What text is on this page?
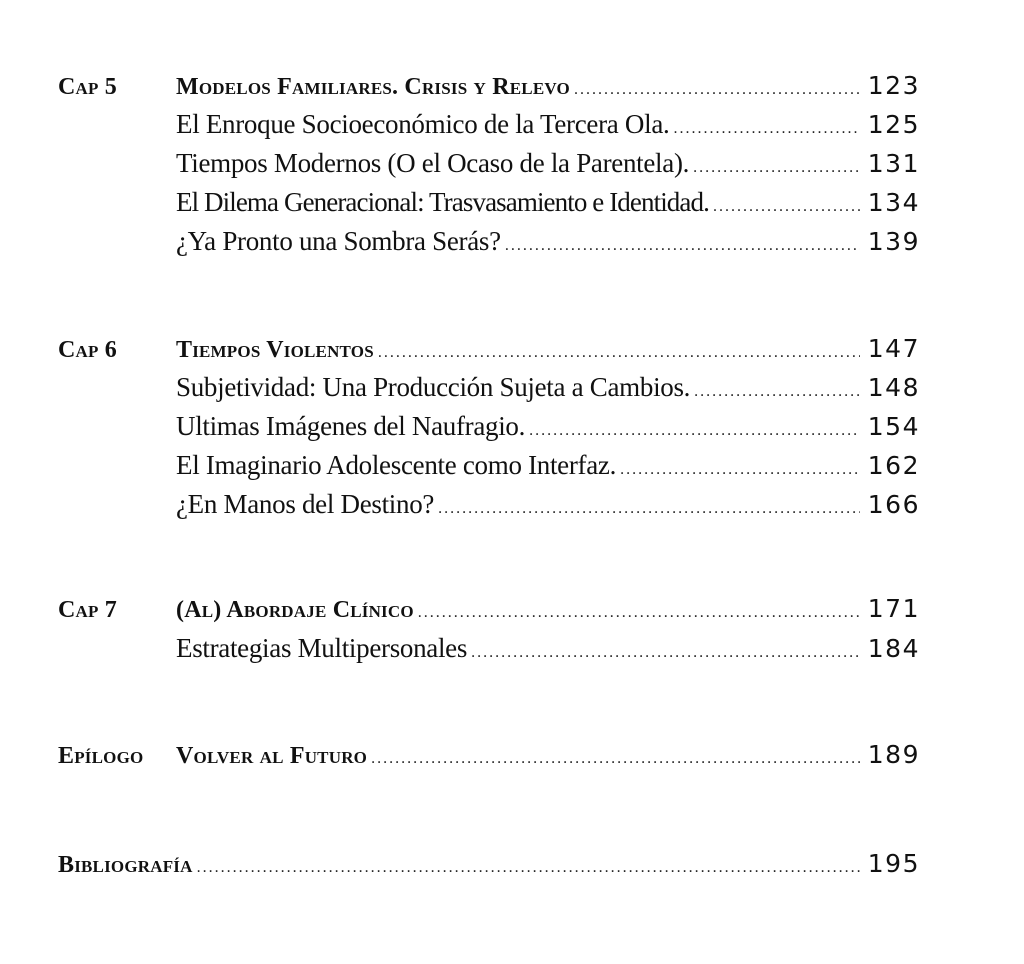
Cap 5 Modelos Familiares. Crisis y Relevo .....	123
El Enroque Socioeconómico de la Tercera Ola. .....	125
Tiempos Modernos (O el Ocaso de la Parentela). .....	131
El Dilema Generacional: Trasvasamiento e Identidad. .....	134
¿Ya Pronto una Sombra Serás? .....	139
Cap 6 Tiempos Violentos .....	147
Subjetividad: Una Producción Sujeta a Cambios. .....	148
Ultimas Imágenes del Naufragio. .....	154
El Imaginario Adolescente como Interfaz. .....	162
¿En Manos del Destino? .....	166
Cap 7 (Al) Abordaje Clínico .....	171
Estrategias Multipersonales .....	184
Epílogo Volver al Futuro .....	189
Bibliografía .....	195
